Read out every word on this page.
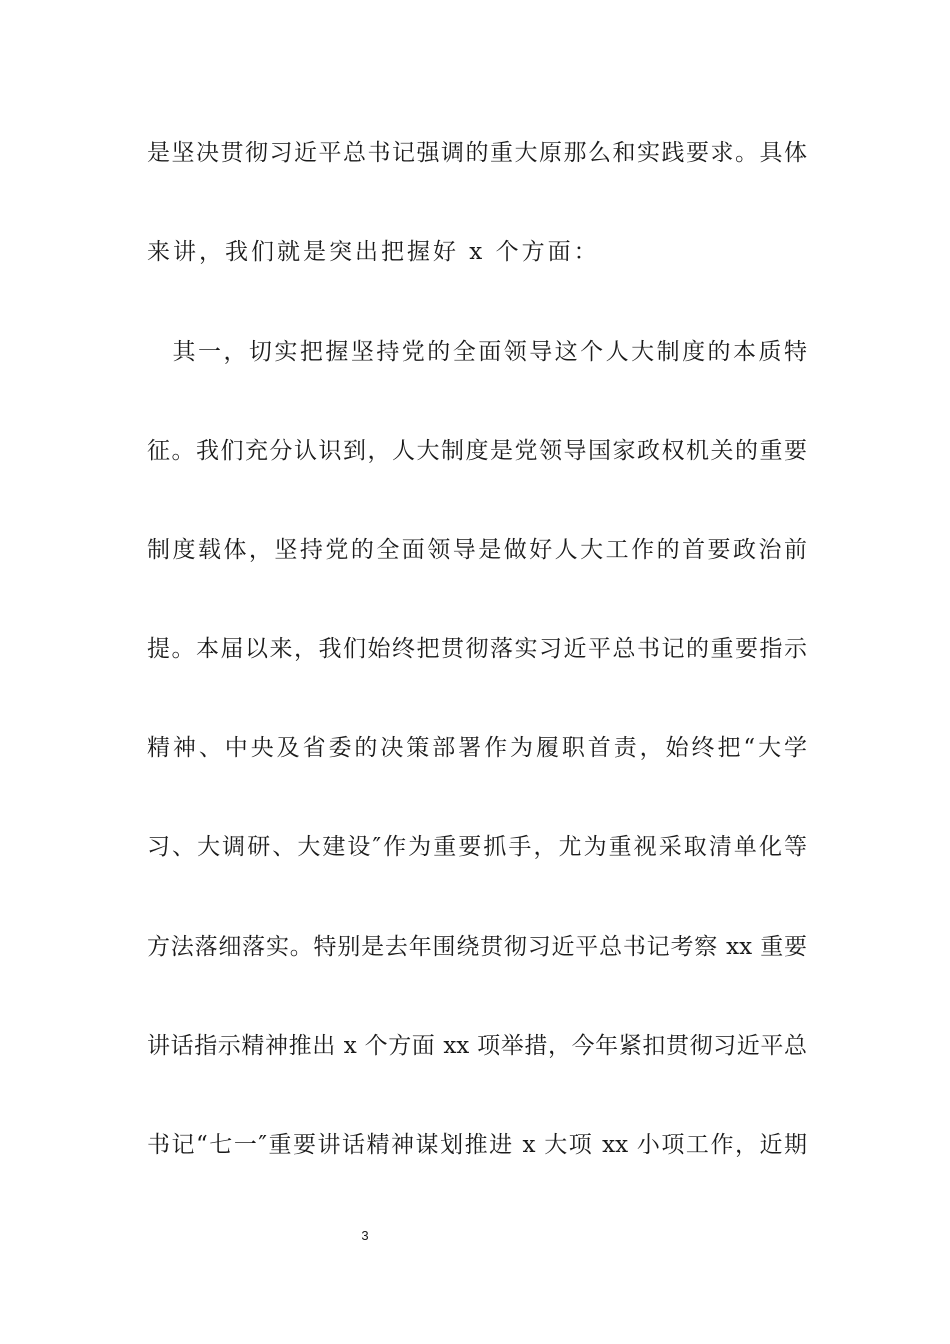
是坚决贯彻习近平总书记强调的重大原那么和实践要求。具体
来讲，我们就是突出把握好 x 个方面：
　其一，切实把握坚持党的全面领导这个人大制度的本质特
征。我们充分认识到，人大制度是党领导国家政权机关的重要
制度载体，坚持党的全面领导是做好人大工作的首要政治前
提。本届以来，我们始终把贯彻落实习近平总书记的重要指示
精神、中央及省委的决策部署作为履职首责，始终把“大学
习、大调研、大建设″作为重要抓手，尤为重视采取清单化等
方法落细落实。特别是去年围绕贯彻习近平总书记考察 xx 重要
讲话指示精神推出 x 个方面 xx 项举措，今年紧扣贯彻习近平总
书记“七一″重要讲话精神谋划推进 x 大项 xx 小项工作，近期
3
